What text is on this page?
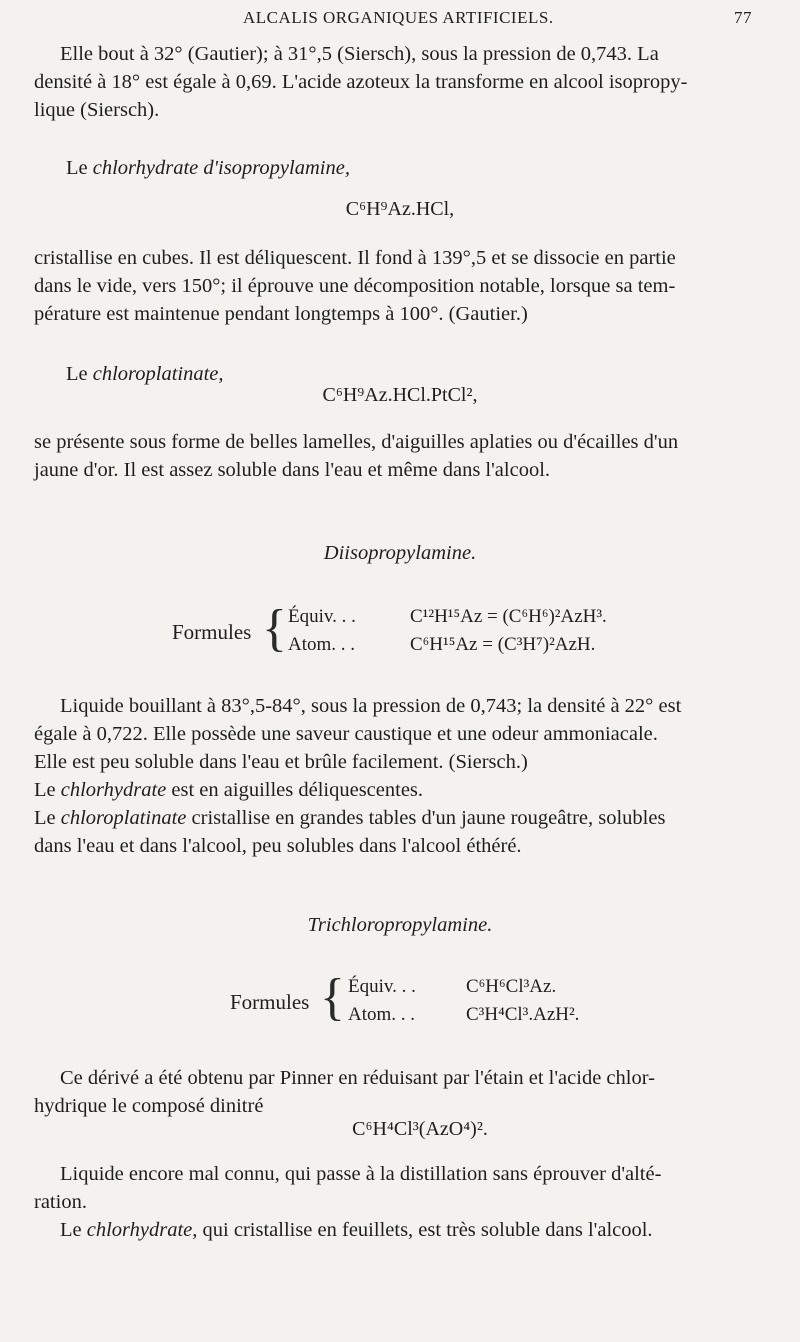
ALCALIS ORGANIQUES ARTIFICIELS.	77
Elle bout à 32° (Gautier); à 31°,5 (Siersch), sous la pression de 0,743. La
densité à 18° est égale à 0,69. L'acide azoteux la transforme en alcool isopropy-
lique (Siersch).
Le chlorhydrate d'isopropylamine,
C⁶H⁹Az.HCl,
cristallise en cubes. Il est déliquescent. Il fond à 139°,5 et se dissocie en partie
dans le vide, vers 150°; il éprouve une décomposition notable, lorsque sa tem-
pérature est maintenue pendant longtemps à 100°. (Gautier.)
Le chloroplatinate,
C⁶H⁹Az.HCl.PtCl²,
se présente sous forme de belles lamelles, d'aiguilles aplaties ou d'écailles d'un
jaune d'or. Il est assez soluble dans l'eau et même dans l'alcool.
Diisopropylamine.
Formules { Équiv. . .	C¹²H¹⁵Az = (C⁶H⁶)²AzH³.
Atom. . .	C⁶H¹⁵Az = (C³H⁷)²AzH.
Liquide bouillant à 83°,5-84°, sous la pression de 0,743; la densité à 22° est
égale à 0,722. Elle possède une saveur caustique et une odeur ammoniacale.
Elle est peu soluble dans l'eau et brûle facilement. (Siersch.)
Le chlorhydrate est en aiguilles déliquescentes.
Le chloroplatinate cristallise en grandes tables d'un jaune rougeâtre, solubles
dans l'eau et dans l'alcool, peu solubles dans l'alcool éthéré.
Trichloropropylamine.
Formules { Équiv. . .	C⁶H⁶Cl³Az.
Atom. . .	C³H⁴Cl³.AzH².
Ce dérivé a été obtenu par Pinner en réduisant par l'étain et l'acide chlor-
hydrique le composé dinitré
C⁶H⁴Cl³(AzO⁴)².
Liquide encore mal connu, qui passe à la distillation sans éprouver d'alté-
ration.
Le chlorhydrate, qui cristallise en feuillets, est très soluble dans l'alcool.
